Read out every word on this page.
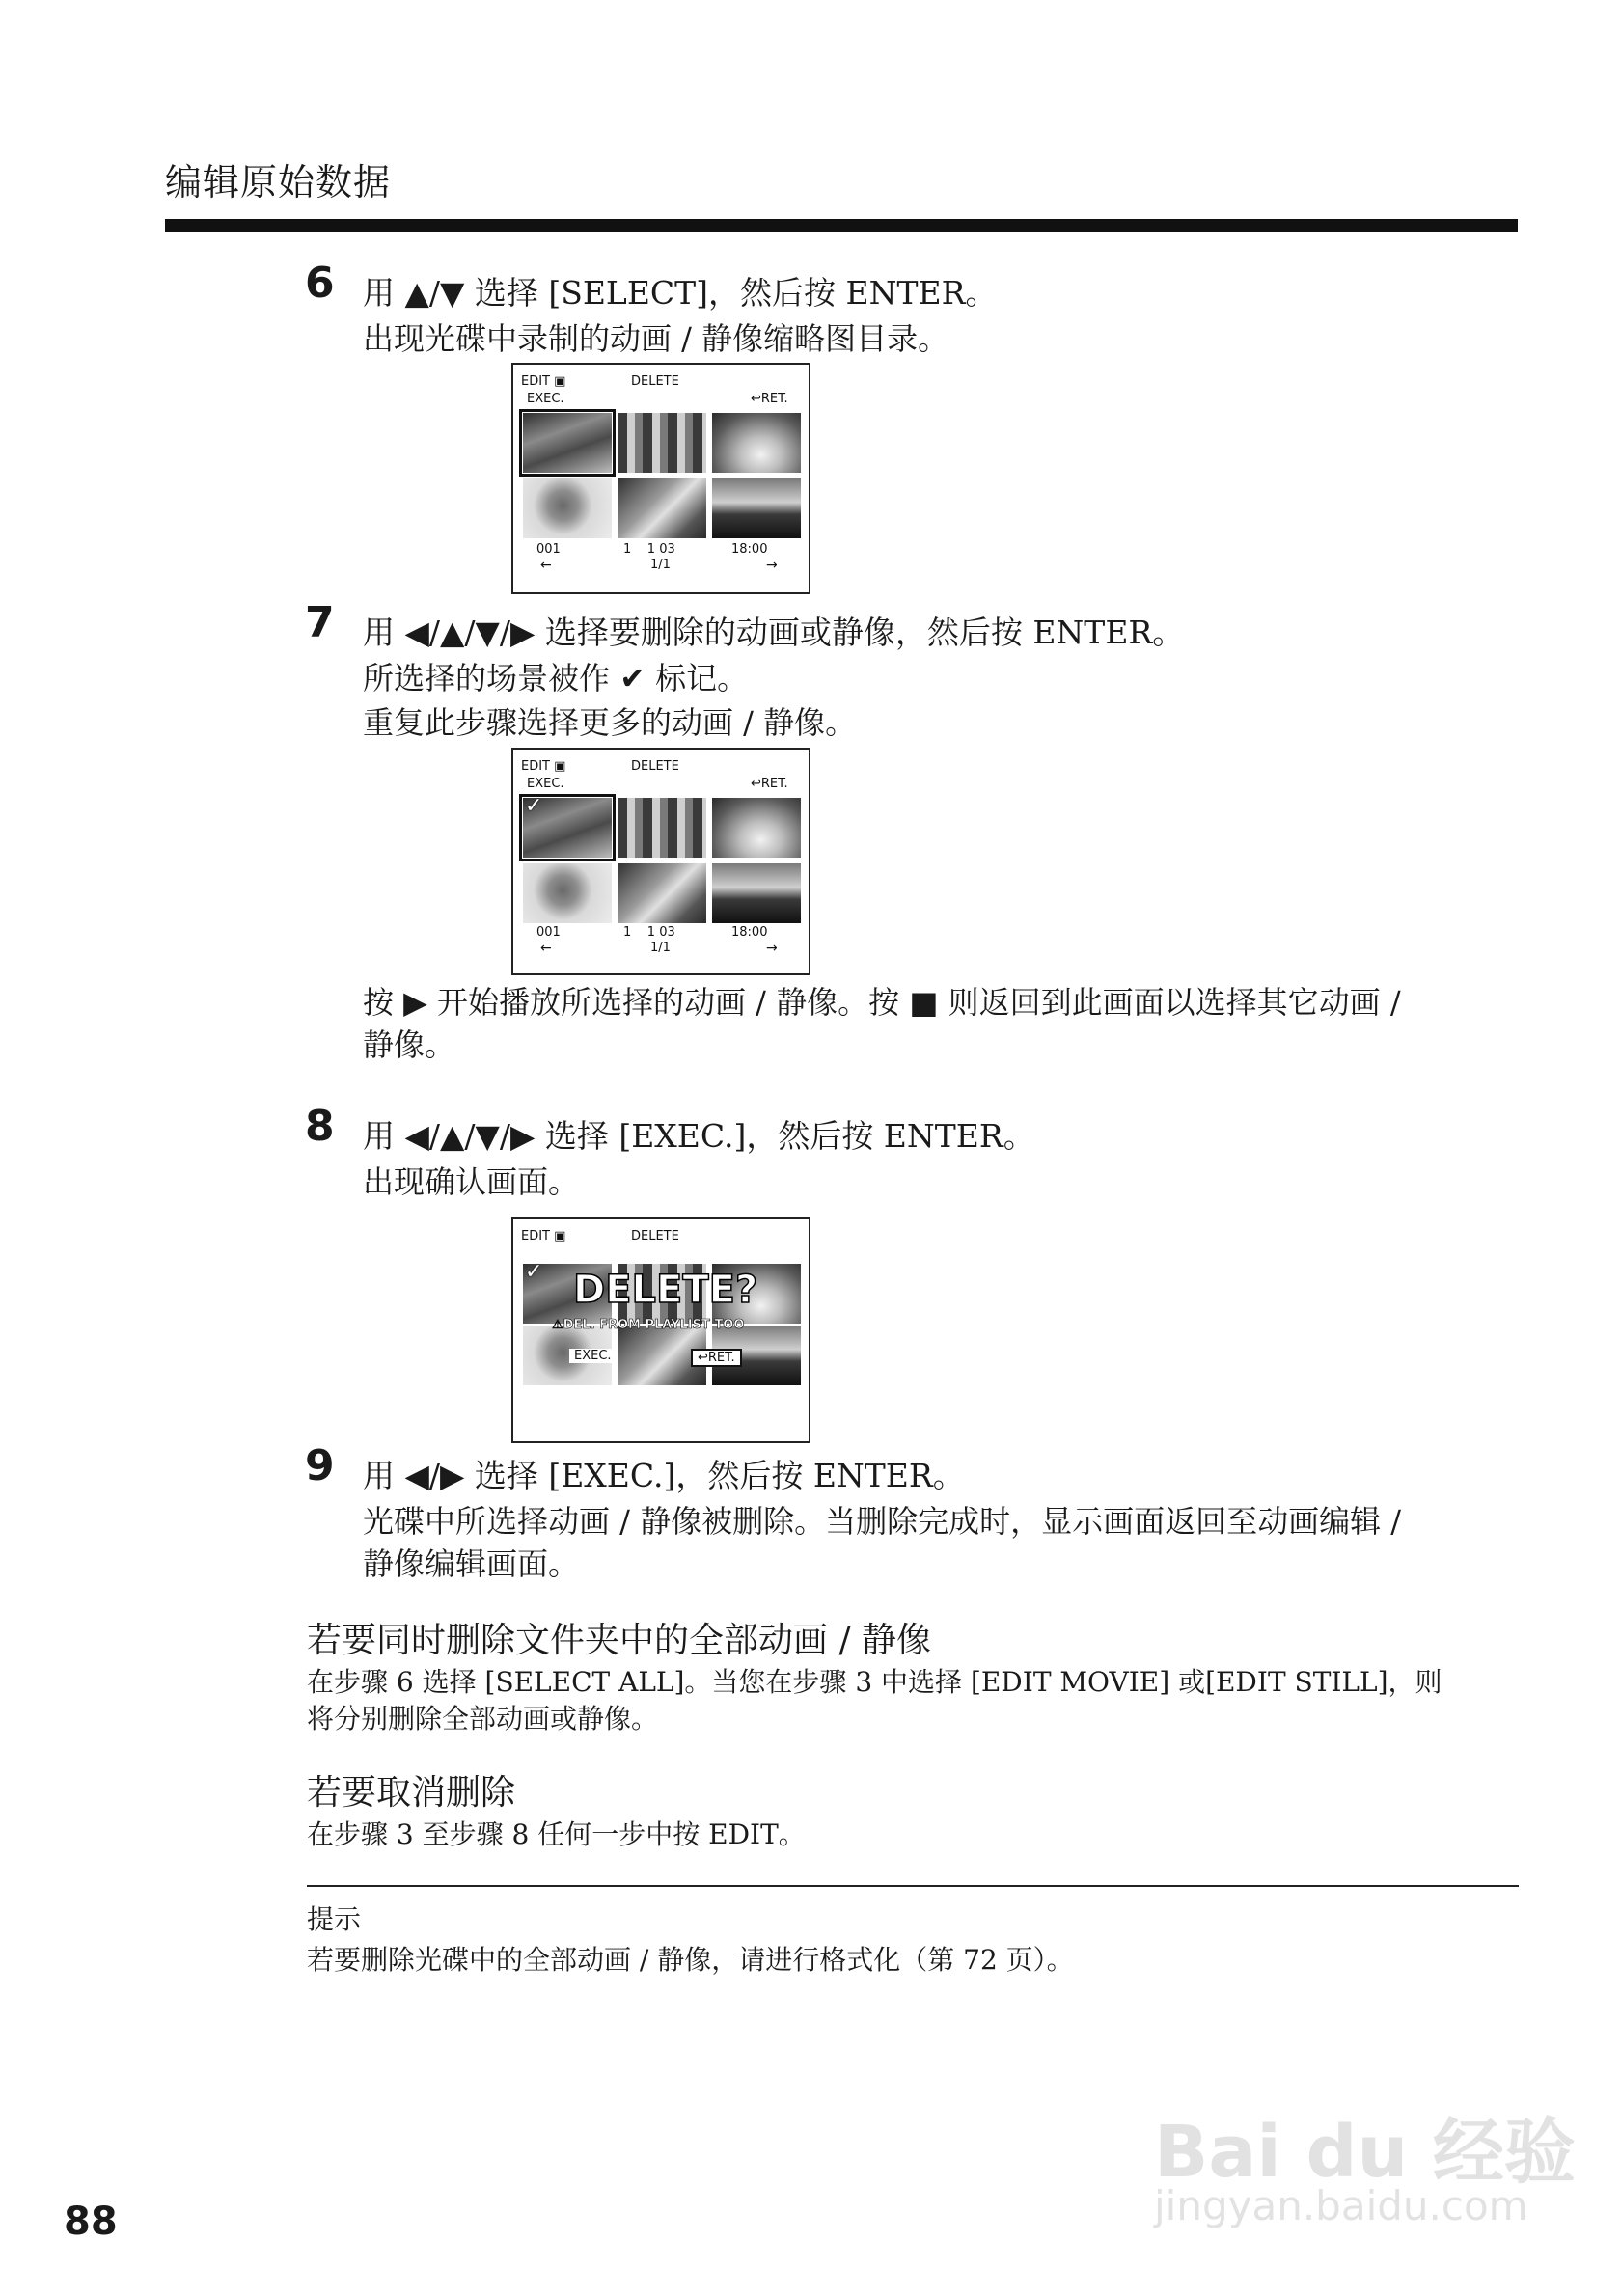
编辑原始数据
6 用 ▲/▼ 选择 [SELECT]，然后按 ENTER。
出现光碟中录制的动画 / 静像缩略图目录。
EDIT ▣	DELETE
EXEC.	↩RET.
001	1    1 03	18:00
←	1/1	→
7 用 ◀/▲/▼/▶ 选择要删除的动画或静像，然后按 ENTER。
所选择的场景被作 ✔ 标记。
重复此步骤选择更多的动画 / 静像。
EDIT ▣	DELETE
EXEC.	↩RET.
✓
001	1    1 03	18:00
←	1/1	→
按 ▶ 开始播放所选择的动画 / 静像。按 ■ 则返回到此画面以选择其它动画 /
静像。
8 用 ◀/▲/▼/▶ 选择 [EXEC.]，然后按 ENTER。
出现确认画面。
EDIT ▣	DELETE
✓ DELETE?
⚠DEL. FROM PLAYLIST TOO
EXEC.	↩RET.
9 用 ◀/▶ 选择 [EXEC.]，然后按 ENTER。
光碟中所选择动画 / 静像被删除。当删除完成时，显示画面返回至动画编辑 /
静像编辑画面。
若要同时删除文件夹中的全部动画 / 静像
在步骤 6 选择 [SELECT ALL]。当您在步骤 3 中选择 [EDIT MOVIE] 或[EDIT STILL]，则
将分别删除全部动画或静像。
若要取消删除
在步骤 3 至步骤 8 任何一步中按 EDIT。
提示
若要删除光碟中的全部动画 / 静像，请进行格式化（第 72 页）。
88
Bai du 经验
jingyan.baidu.com
